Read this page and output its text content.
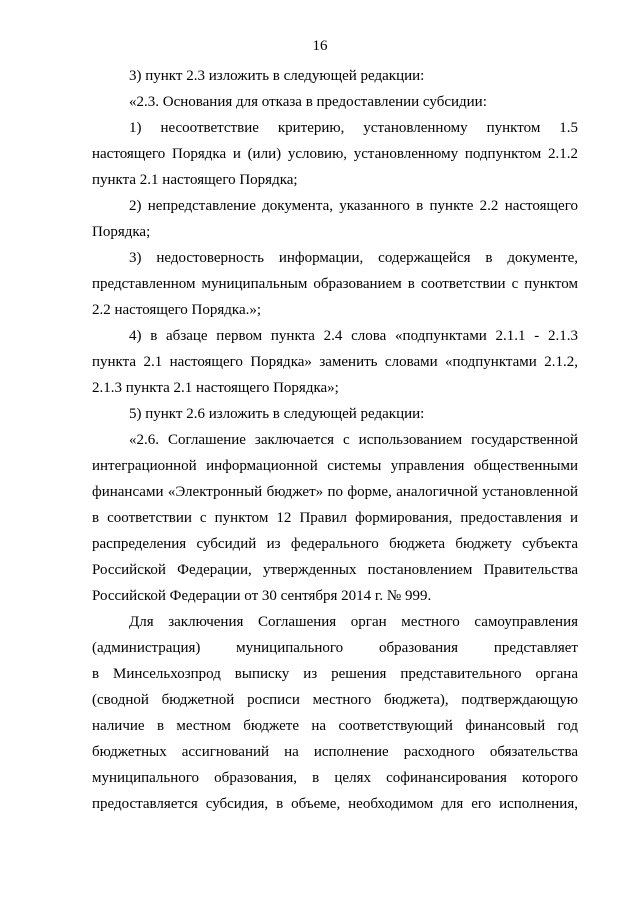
16
3) пункт 2.3 изложить в следующей редакции:
«2.3. Основания для отказа в предоставлении субсидии:
1) несоответствие критерию, установленному пунктом 1.5
настоящего Порядка и (или) условию, установленному подпунктом 2.1.2
пункта 2.1 настоящего Порядка;
2) непредставление документа, указанного в пункте 2.2 настоящего
Порядка;
3) недостоверность информации, содержащейся в документе,
представленном муниципальным образованием в соответствии с пунктом
2.2 настоящего Порядка.»;
4) в абзаце первом пункта 2.4 слова «подпунктами 2.1.1 - 2.1.3
пункта 2.1 настоящего Порядка» заменить словами «подпунктами 2.1.2,
2.1.3 пункта 2.1 настоящего Порядка»;
5) пункт 2.6 изложить в следующей редакции:
«2.6. Соглашение заключается с использованием государственной
интеграционной информационной системы управления общественными
финансами «Электронный бюджет» по форме, аналогичной установленной
в соответствии с пунктом 12 Правил формирования, предоставления и
распределения субсидий из федерального бюджета бюджету субъекта
Российской Федерации, утвержденных постановлением Правительства
Российской Федерации от 30 сентября 2014 г. № 999.
Для заключения Соглашения орган местного самоуправления
(администрация) муниципального образования представляет
в Минсельхозпрод выписку из решения представительного органа
(сводной бюджетной росписи местного бюджета), подтверждающую
наличие в местном бюджете на соответствующий финансовый год
бюджетных ассигнований на исполнение расходного обязательства
муниципального образования, в целях софинансирования которого
предоставляется субсидия, в объеме, необходимом для его исполнения,
